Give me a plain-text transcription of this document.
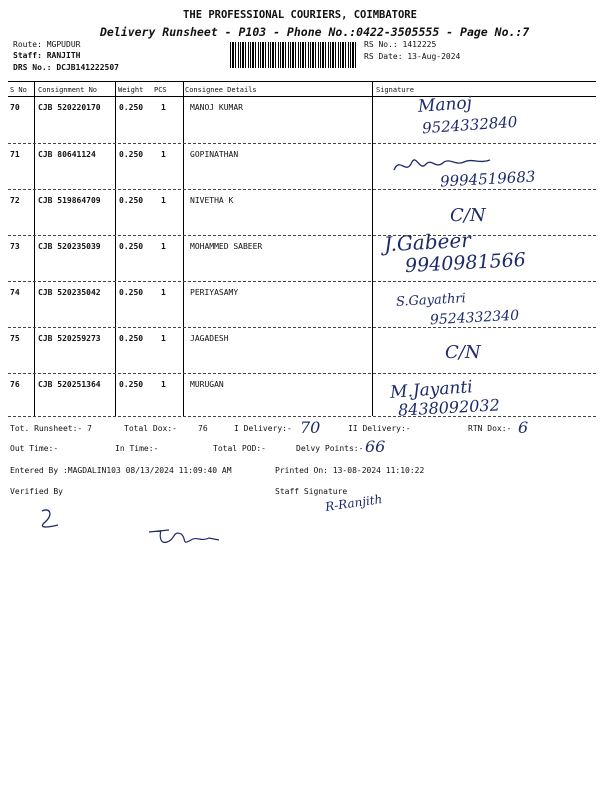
THE PROFESSIONAL COURIERS, COIMBATORE
Delivery Runsheet - P103 - Phone No.:0422-3505555 - Page No.:7
Route: MGPUDUR
Staff: RANJITH
DRS No.: DCJB141222507
RS No.: 1412225
RS Date: 13-Aug-2024
S No Consignment No	Weight PCS	Consignee Details	Signature
70 CJB 520220170 0.250 1	MANOJ KUMAR	Manoj
9524332840
71 CJB 80641124	0.250 1	GOPINATHAN
9994519683
72 CJB 519864709 0.250 1	NIVETHA K
C/N
73 CJB 520235039 0.250 1	MOHAMMED SABEER	J.Gabeer
9940981566
74 CJB 520235042 0.250 1	PERIYASAMY	S.Gayathri
9524332340
75 CJB 520259273 0.250 1	JAGADESH
C/N
76 CJB 520251364 0.250 1	MURUGAN	M.Jayanti
8438092032
Tot. Runsheet:- 7	Total Dox:-	76	I Delivery:- 70	II Delivery:-	RTN Dox:- 6
Out Time:-	In Time:-	Total POD:-	Delvy Points:- 66
Entered By :MAGDALIN103 08/13/2024 11:09:40 AM	Printed On: 13-08-2024 11:10:22
Verified By	Staff Signature
R-Ranjith
